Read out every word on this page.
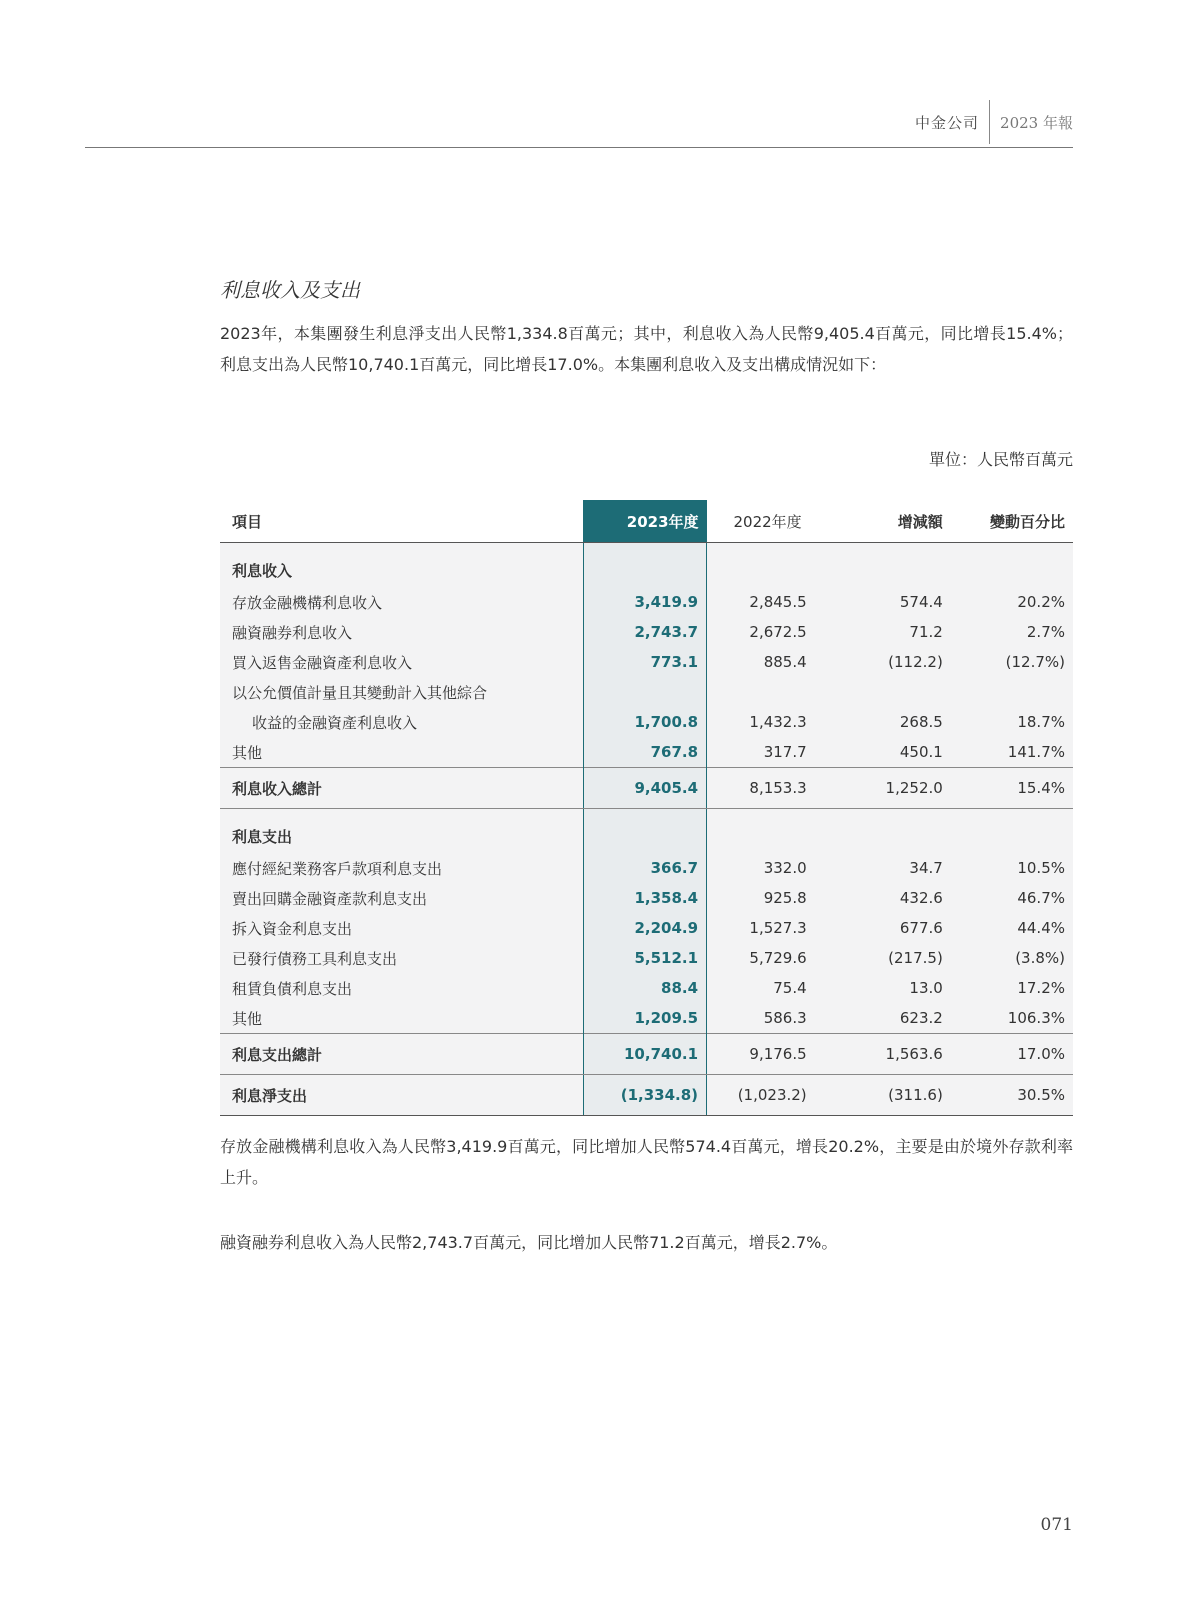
中金公司	2023 年報
利息收入及支出

2023年，本集團發生利息淨支出人民幣1,334.8百萬元；其中，利息收入為人民幣9,405.4百萬元，同比增長15.4%；利息支出為人民幣10,740.1百萬元，同比增長17.0%。本集團利息收入及支出構成情況如下：

單位：人民幣百萬元
項目	2023年度	2022年度	增減額	變動百分比
利息收入				
存放金融機構利息收入	3,419.9	2,845.5	574.4	20.2%
融資融券利息收入	2,743.7	2,672.5	71.2	2.7%
買入返售金融資產利息收入	773.1	885.4	(112.2)	(12.7%)
以公允價值計量且其變動計入其他綜合				
收益的金融資產利息收入	1,700.8	1,432.3	268.5	18.7%
其他	767.8	317.7	450.1	141.7%
利息收入總計	9,405.4	8,153.3	1,252.0	15.4%
利息支出				
應付經紀業務客戶款項利息支出	366.7	332.0	34.7	10.5%
賣出回購金融資產款利息支出	1,358.4	925.8	432.6	46.7%
拆入資金利息支出	2,204.9	1,527.3	677.6	44.4%
已發行債務工具利息支出	5,512.1	5,729.6	(217.5)	(3.8%)
租賃負債利息支出	88.4	75.4	13.0	17.2%
其他	1,209.5	586.3	623.2	106.3%
利息支出總計	10,740.1	9,176.5	1,563.6	17.0%
利息淨支出	(1,334.8)	(1,023.2)	(311.6)	30.5%

存放金融機構利息收入為人民幣3,419.9百萬元，同比增加人民幣574.4百萬元，增長20.2%，主要是由於境外存款利率上升。

融資融券利息收入為人民幣2,743.7百萬元，同比增加人民幣71.2百萬元，增長2.7%。

071
